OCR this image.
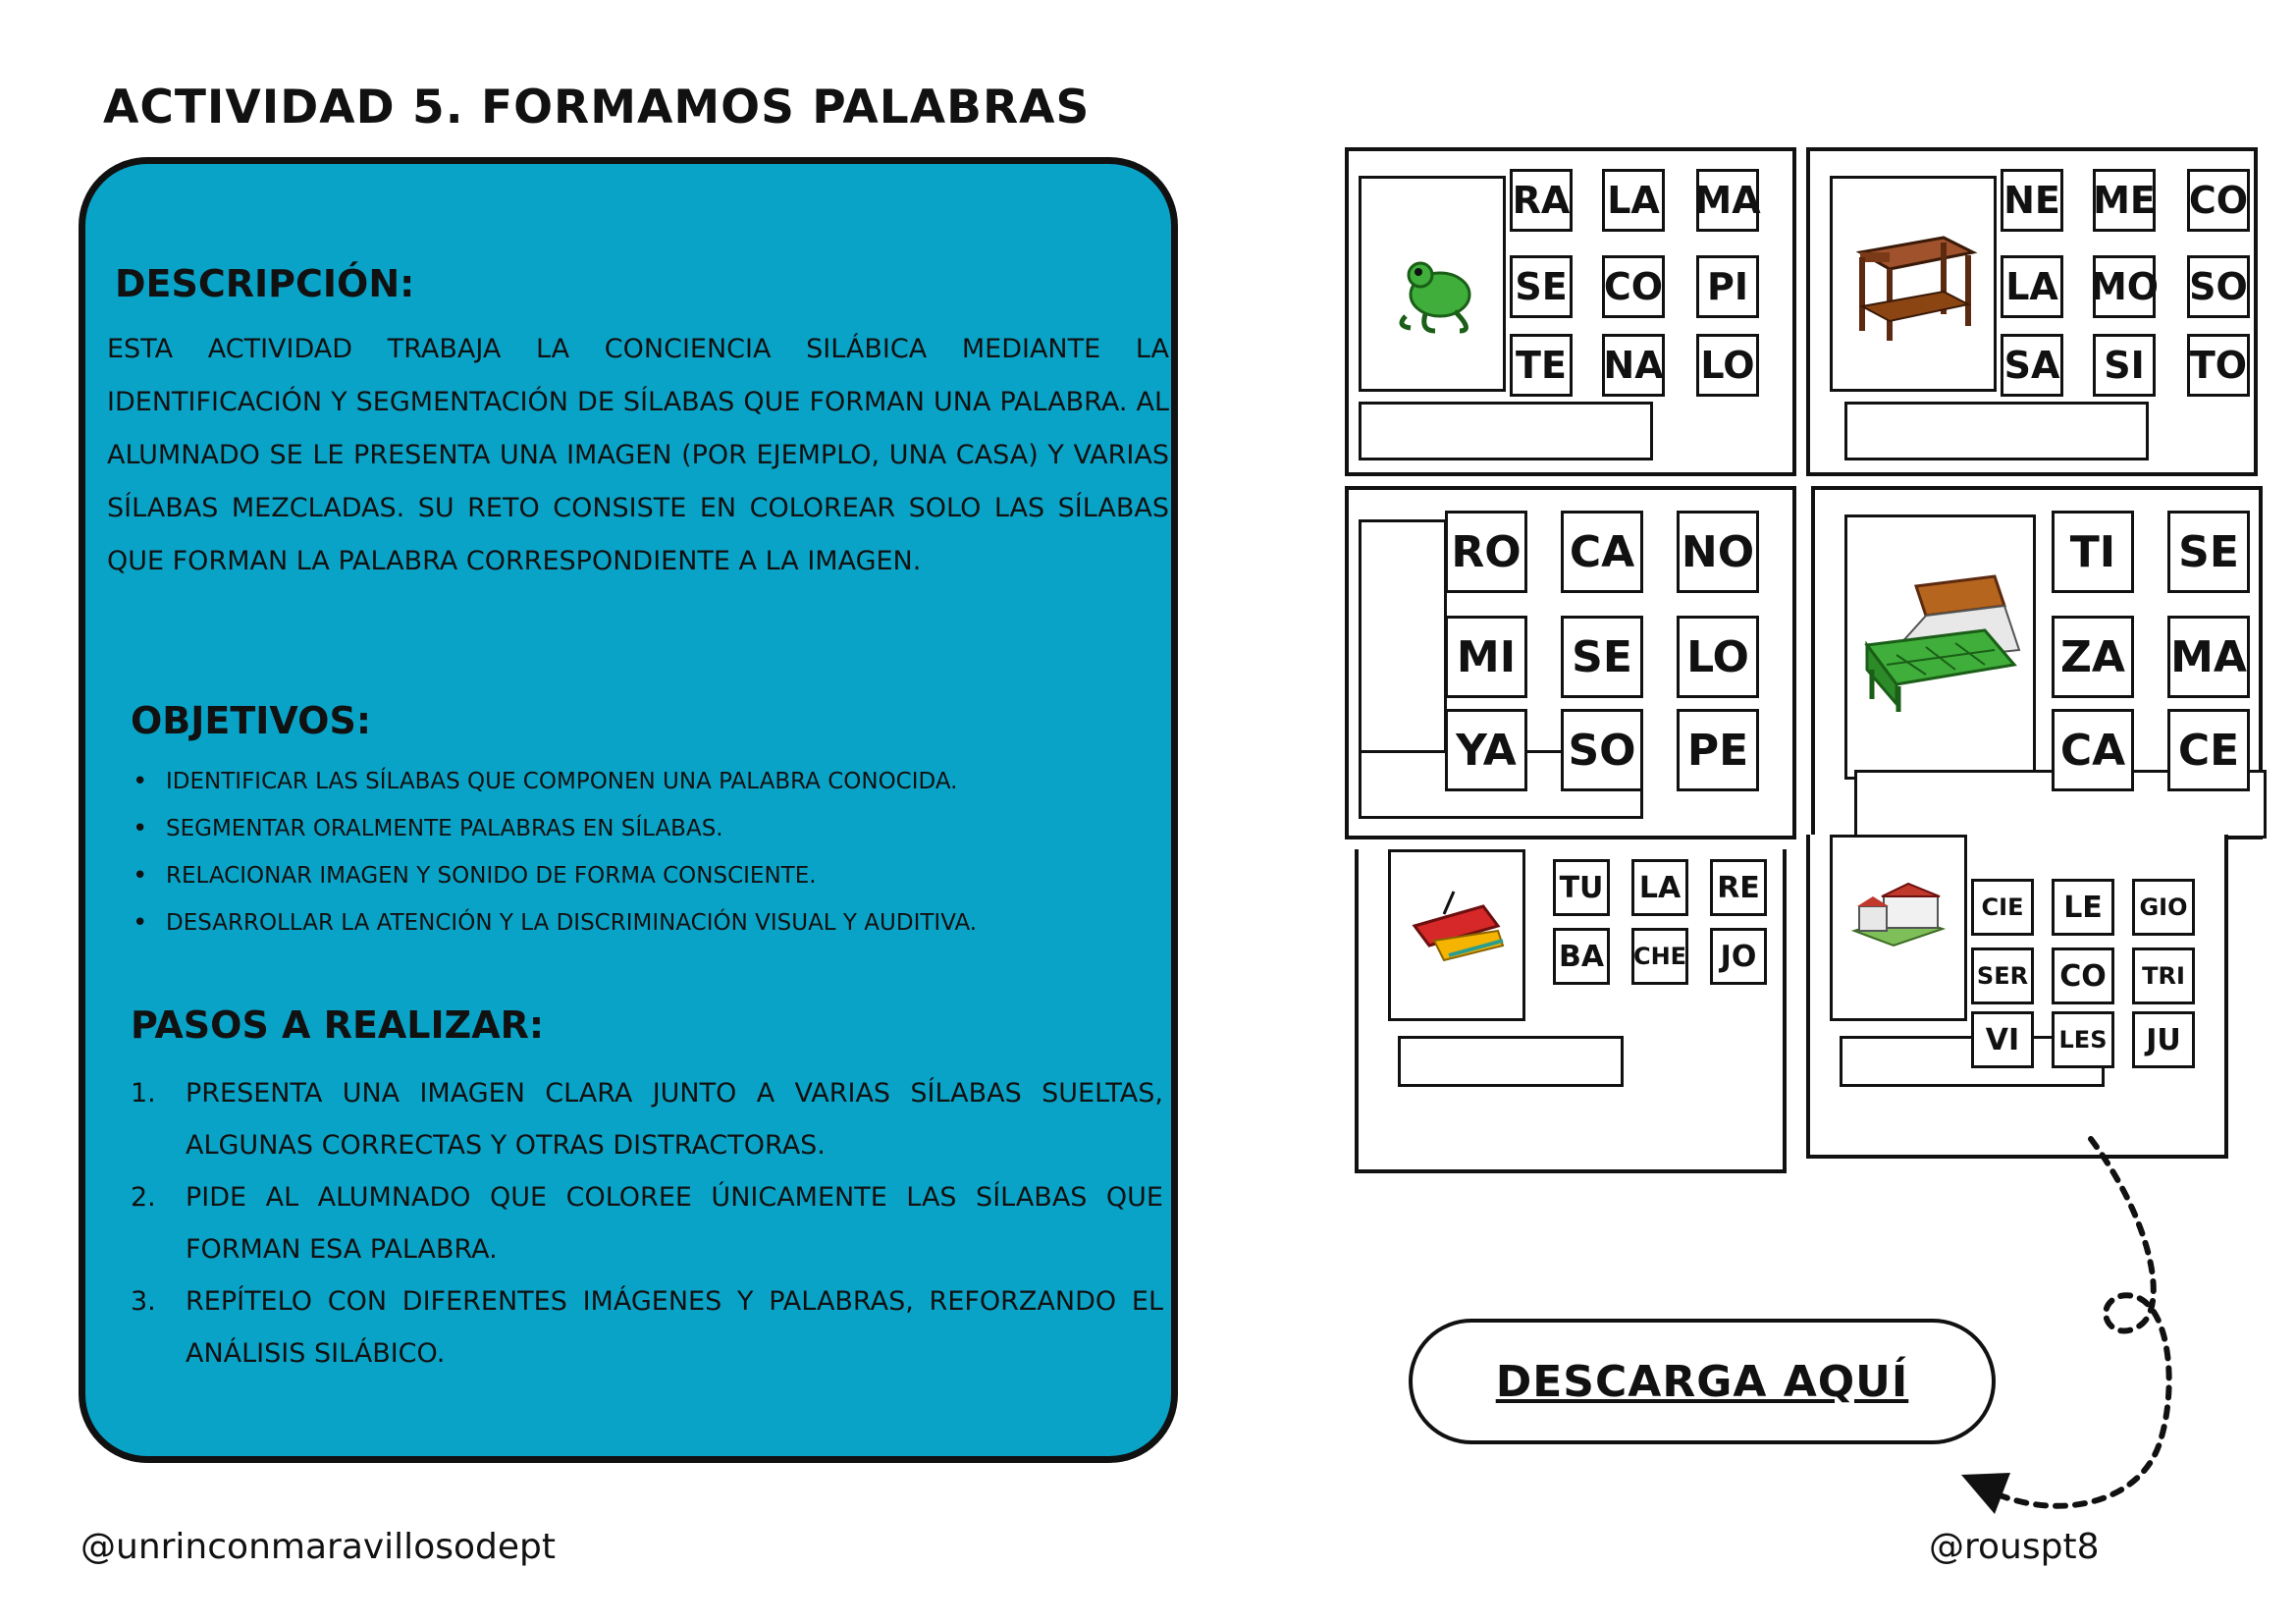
ACTIVIDAD 5. FORMAMOS PALABRAS
DESCRIPCIÓN:
ESTA ACTIVIDAD TRABAJA LA CONCIENCIA SILÁBICA MEDIANTE LA IDENTIFICACIÓN Y SEGMENTACIÓN DE SÍLABAS QUE FORMAN UNA PALABRA. AL ALUMNADO SE LE PRESENTA UNA IMAGEN (POR EJEMPLO, UNA CASA) Y VARIAS SÍLABAS MEZCLADAS. SU RETO CONSISTE EN COLOREAR SOLO LAS SÍLABAS QUE FORMAN LA PALABRA CORRESPONDIENTE A LA IMAGEN.
OBJETIVOS:
• IDENTIFICAR LAS SÍLABAS QUE COMPONEN UNA PALABRA CONOCIDA.
• SEGMENTAR ORALMENTE PALABRAS EN SÍLABAS.
• RELACIONAR IMAGEN Y SONIDO DE FORMA CONSCIENTE.
• DESARROLLAR LA ATENCIÓN Y LA DISCRIMINACIÓN VISUAL Y AUDITIVA.
PASOS A REALIZAR:
1. PRESENTA UNA IMAGEN CLARA JUNTO A VARIAS SÍLABAS SUELTAS, ALGUNAS CORRECTAS Y OTRAS DISTRACTORAS.
2. PIDE AL ALUMNADO QUE COLOREE ÚNICAMENTE LAS SÍLABAS QUE FORMAN ESA PALABRA.
3. REPÍTELO CON DIFERENTES IMÁGENES Y PALABRAS, REFORZANDO EL ANÁLISIS SILÁBICO.
RA LA MA
SE CO PI
TE NA LO
NE ME CO
LA MO SO
SA SI TO
RO CA NO
MI SE LO
YA SO PE
TI	SE
ZA MA
CA CE
TU LA RE
BA CHE	JO
CIE	LE	GIO
SER CO	TRI
VI	LES	JU
DESCARGA AQUÍ
@unrinconmaravillosodept	@rouspt8
